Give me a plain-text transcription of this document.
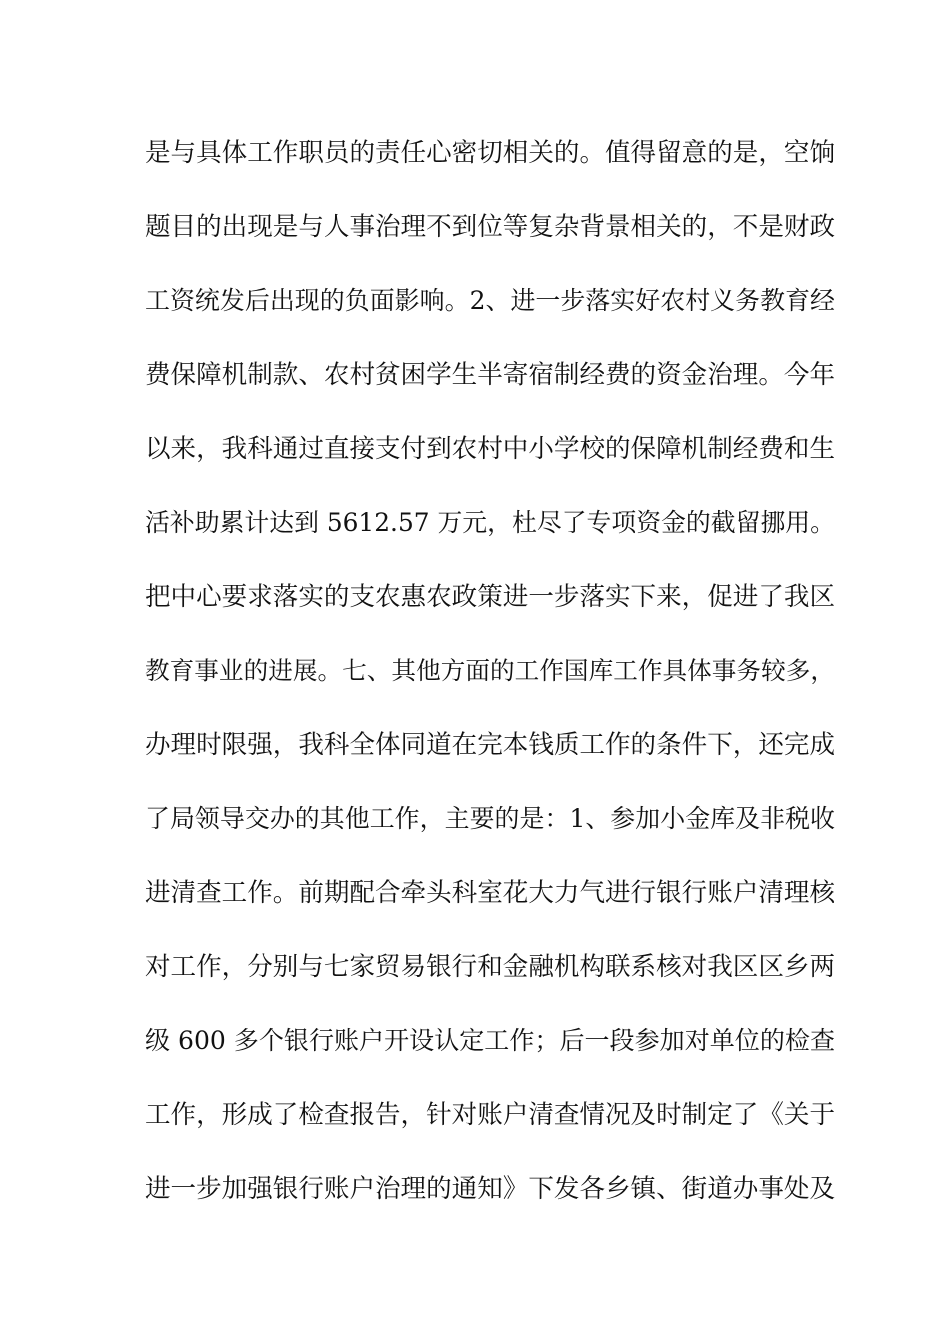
是与具体工作职员的责任心密切相关的。值得留意的是，空饷
题目的出现是与人事治理不到位等复杂背景相关的，不是财政
工资统发后出现的负面影响。2、进一步落实好农村义务教育经
费保障机制款、农村贫困学生半寄宿制经费的资金治理。今年
以来，我科通过直接支付到农村中小学校的保障机制经费和生
活补助累计达到 5612.57 万元，杜尽了专项资金的截留挪用。
把中心要求落实的支农惠农政策进一步落实下来，促进了我区
教育事业的进展。七、其他方面的工作国库工作具体事务较多，
办理时限强，我科全体同道在完本钱质工作的条件下，还完成
了局领导交办的其他工作，主要的是：1、参加小金库及非税收
进清查工作。前期配合牵头科室花大力气进行银行账户清理核
对工作，分别与七家贸易银行和金融机构联系核对我区区乡两
级 600 多个银行账户开设认定工作；后一段参加对单位的检查
工作，形成了检查报告，针对账户清查情况及时制定了《关于
进一步加强银行账户治理的通知》下发各乡镇、街道办事处及
